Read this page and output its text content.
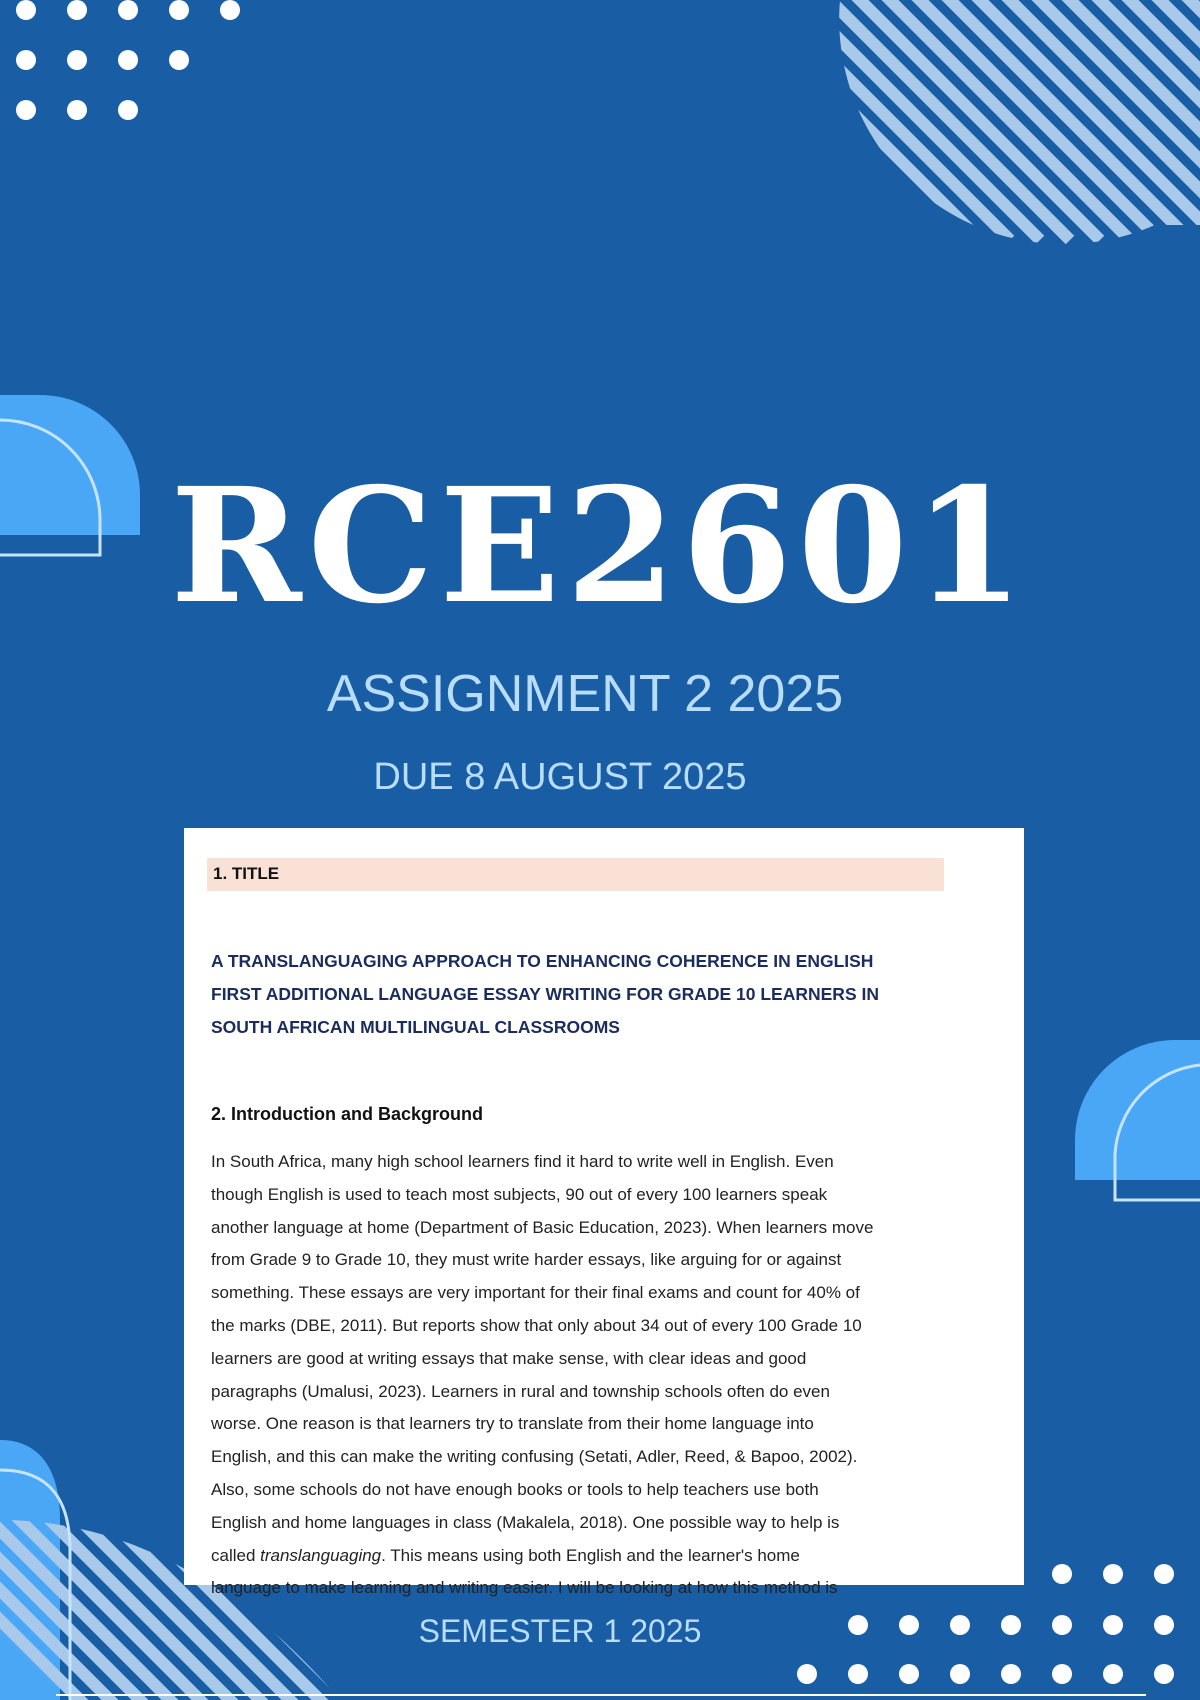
RCE2601
ASSIGNMENT 2 2025
DUE 8 AUGUST 2025
1. TITLE
A TRANSLANGUAGING APPROACH TO ENHANCING COHERENCE IN ENGLISH
FIRST ADDITIONAL LANGUAGE ESSAY WRITING FOR GRADE 10 LEARNERS IN
SOUTH AFRICAN MULTILINGUAL CLASSROOMS
2. Introduction and Background
In South Africa, many high school learners find it hard to write well in English. Even
though English is used to teach most subjects, 90 out of every 100 learners speak
another language at home (Department of Basic Education, 2023). When learners move
from Grade 9 to Grade 10, they must write harder essays, like arguing for or against
something. These essays are very important for their final exams and count for 40% of
the marks (DBE, 2011). But reports show that only about 34 out of every 100 Grade 10
learners are good at writing essays that make sense, with clear ideas and good
paragraphs (Umalusi, 2023). Learners in rural and township schools often do even
worse. One reason is that learners try to translate from their home language into
English, and this can make the writing confusing (Setati, Adler, Reed, & Bapoo, 2002).
Also, some schools do not have enough books or tools to help teachers use both
English and home languages in class (Makalela, 2018). One possible way to help is
called translanguaging. This means using both English and the learner's home
language to make learning and writing easier. I will be looking at how this method is
SEMESTER 1 2025
